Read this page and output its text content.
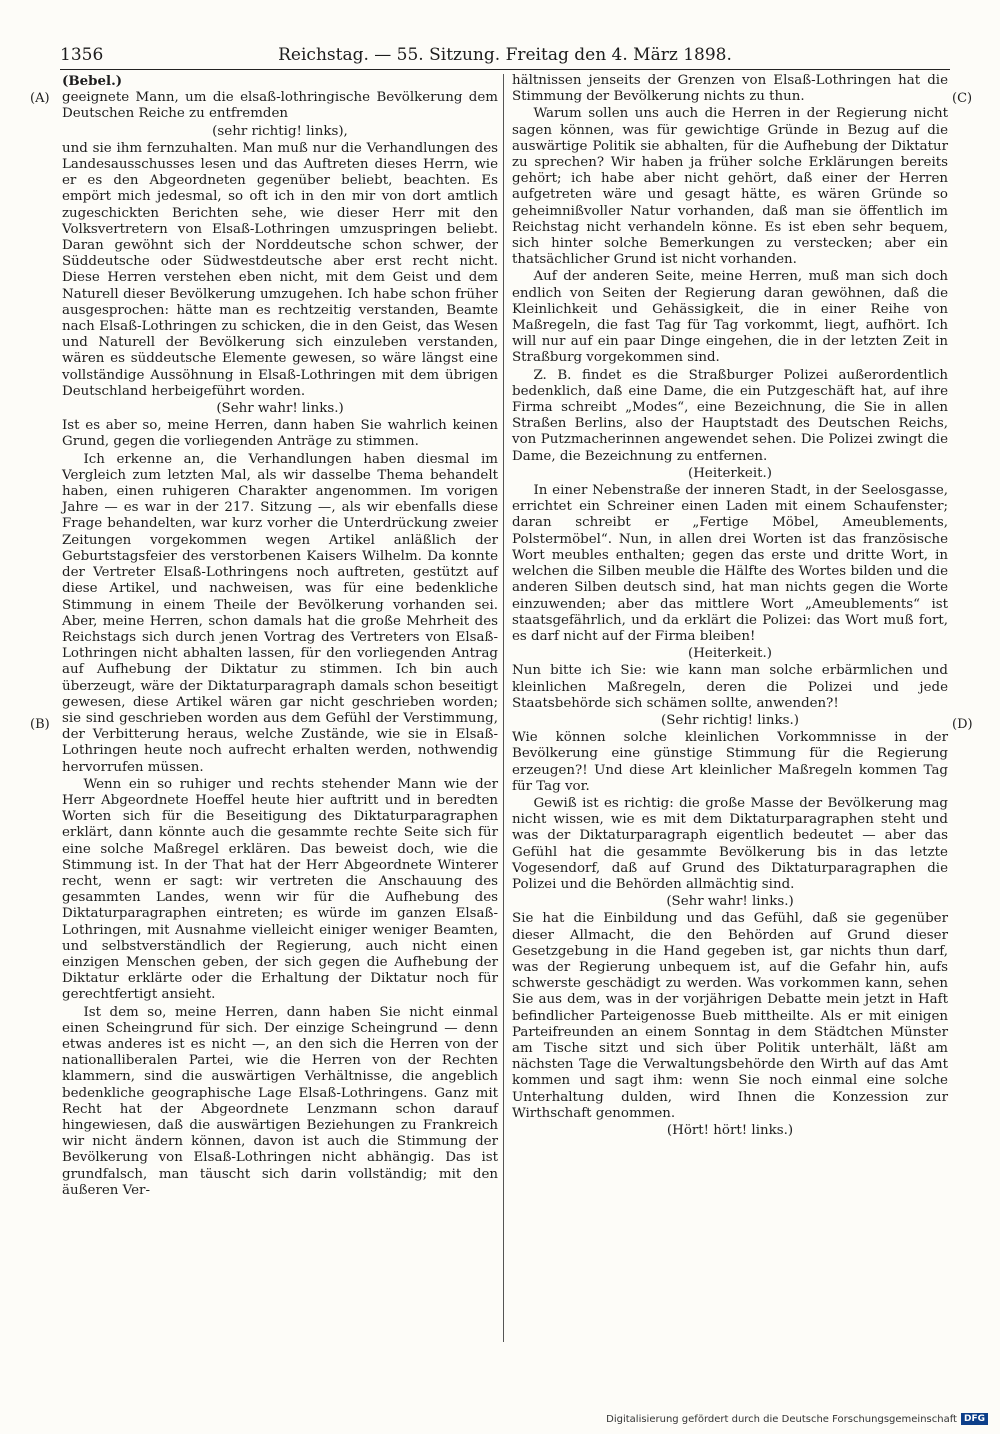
1356	Reichstag. — 55. Sitzung. Freitag den 4. März 1898.
(A)
(B)
(C)
(D)

(Bebel.)

geeignete Mann, um die elsaß-lothringische Bevölkerung dem Deutschen Reiche zu entfremden

(sehr richtig! links),

und sie ihm fernzuhalten. Man muß nur die Verhandlungen des Landesausschusses lesen und das Auftreten dieses Herrn, wie er es den Abgeordneten gegenüber beliebt, beachten. Es empört mich jedesmal, so oft ich in den mir von dort amtlich zugeschickten Berichten sehe, wie dieser Herr mit den Volksvertretern von Elsaß-Lothringen umzuspringen beliebt. Daran gewöhnt sich der Norddeutsche schon schwer, der Süddeutsche oder Südwestdeutsche aber erst recht nicht. Diese Herren verstehen eben nicht, mit dem Geist und dem Naturell dieser Bevölkerung umzugehen. Ich habe schon früher ausgesprochen: hätte man es rechtzeitig verstanden, Beamte nach Elsaß-Lothringen zu schicken, die in den Geist, das Wesen und Naturell der Bevölkerung sich einzuleben verstanden, wären es süddeutsche Elemente gewesen, so wäre längst eine vollständige Aussöhnung in Elsaß-Lothringen mit dem übrigen Deutschland herbeigeführt worden.

(Sehr wahr! links.)

Ist es aber so, meine Herren, dann haben Sie wahrlich keinen Grund, gegen die vorliegenden Anträge zu stimmen.

Ich erkenne an, die Verhandlungen haben diesmal im Vergleich zum letzten Mal, als wir dasselbe Thema behandelt haben, einen ruhigeren Charakter angenommen. Im vorigen Jahre — es war in der 217. Sitzung —, als wir ebenfalls diese Frage behandelten, war kurz vorher die Unterdrückung zweier Zeitungen vorgekommen wegen Artikel anläßlich der Geburtstagsfeier des verstorbenen Kaisers Wilhelm. Da konnte der Vertreter Elsaß-Lothringens noch auftreten, gestützt auf diese Artikel, und nachweisen, was für eine bedenkliche Stimmung in einem Theile der Bevölkerung vorhanden sei. Aber, meine Herren, schon damals hat die große Mehrheit des Reichstags sich durch jenen Vortrag des Vertreters von Elsaß-Lothringen nicht abhalten lassen, für den vorliegenden Antrag auf Aufhebung der Diktatur zu stimmen. Ich bin auch überzeugt, wäre der Diktaturparagraph damals schon beseitigt gewesen, diese Artikel wären gar nicht geschrieben worden; sie sind geschrieben worden aus dem Gefühl der Verstimmung, der Verbitterung heraus, welche Zustände, wie sie in Elsaß-Lothringen heute noch aufrecht erhalten werden, nothwendig hervorrufen müssen.

Wenn ein so ruhiger und rechts stehender Mann wie der Herr Abgeordnete Hoeffel heute hier auftritt und in beredten Worten sich für die Beseitigung des Diktaturparagraphen erklärt, dann könnte auch die gesammte rechte Seite sich für eine solche Maßregel erklären. Das beweist doch, wie die Stimmung ist. In der That hat der Herr Abgeordnete Winterer recht, wenn er sagt: wir vertreten die Anschauung des gesammten Landes, wenn wir für die Aufhebung des Diktaturparagraphen eintreten; es würde im ganzen Elsaß-Lothringen, mit Ausnahme vielleicht einiger weniger Beamten, und selbstverständlich der Regierung, auch nicht einen einzigen Menschen geben, der sich gegen die Aufhebung der Diktatur erklärte oder die Erhaltung der Diktatur noch für gerechtfertigt ansieht.

Ist dem so, meine Herren, dann haben Sie nicht einmal einen Scheingrund für sich. Der einzige Scheingrund — denn etwas anderes ist es nicht —, an den sich die Herren von der nationalliberalen Partei, wie die Herren von der Rechten klammern, sind die auswärtigen Verhältnisse, die angeblich bedenkliche geographische Lage Elsaß-Lothringens. Ganz mit Recht hat der Abgeordnete Lenzmann schon darauf hingewiesen, daß die auswärtigen Beziehungen zu Frankreich wir nicht ändern können, davon ist auch die Stimmung der Bevölkerung von Elsaß-Lothringen nicht abhängig. Das ist grundfalsch, man täuscht sich darin vollständig; mit den äußeren Ver-

hältnissen jenseits der Grenzen von Elsaß-Lothringen hat die Stimmung der Bevölkerung nichts zu thun.

Warum sollen uns auch die Herren in der Regierung nicht sagen können, was für gewichtige Gründe in Bezug auf die auswärtige Politik sie abhalten, für die Aufhebung der Diktatur zu sprechen? Wir haben ja früher solche Erklärungen bereits gehört; ich habe aber nicht gehört, daß einer der Herren aufgetreten wäre und gesagt hätte, es wären Gründe so geheimnißvoller Natur vorhanden, daß man sie öffentlich im Reichstag nicht verhandeln könne. Es ist eben sehr bequem, sich hinter solche Bemerkungen zu verstecken; aber ein thatsächlicher Grund ist nicht vorhanden.

Auf der anderen Seite, meine Herren, muß man sich doch endlich von Seiten der Regierung daran gewöhnen, daß die Kleinlichkeit und Gehässigkeit, die in einer Reihe von Maßregeln, die fast Tag für Tag vorkommt, liegt, aufhört. Ich will nur auf ein paar Dinge eingehen, die in der letzten Zeit in Straßburg vorgekommen sind.

Z. B. findet es die Straßburger Polizei außerordentlich bedenklich, daß eine Dame, die ein Putzgeschäft hat, auf ihre Firma schreibt „Modes“, eine Bezeichnung, die Sie in allen Straßen Berlins, also der Hauptstadt des Deutschen Reichs, von Putzmacherinnen angewendet sehen. Die Polizei zwingt die Dame, die Bezeichnung zu entfernen.

(Heiterkeit.)

In einer Nebenstraße der inneren Stadt, in der Seelosgasse, errichtet ein Schreiner einen Laden mit einem Schaufenster; daran schreibt er „Fertige Möbel, Ameublements, Polstermöbel“. Nun, in allen drei Worten ist das französische Wort meubles enthalten; gegen das erste und dritte Wort, in welchen die Silben meuble die Hälfte des Wortes bilden und die anderen Silben deutsch sind, hat man nichts gegen die Worte einzuwenden; aber das mittlere Wort „Ameublements“ ist staatsgefährlich, und da erklärt die Polizei: das Wort muß fort, es darf nicht auf der Firma bleiben!

(Heiterkeit.)

Nun bitte ich Sie: wie kann man solche erbärmlichen und kleinlichen Maßregeln, deren die Polizei und jede Staatsbehörde sich schämen sollte, anwenden?!

(Sehr richtig! links.)

Wie können solche kleinlichen Vorkommnisse in der Bevölkerung eine günstige Stimmung für die Regierung erzeugen?! Und diese Art kleinlicher Maßregeln kommen Tag für Tag vor.

Gewiß ist es richtig: die große Masse der Bevölkerung mag nicht wissen, wie es mit dem Diktaturparagraphen steht und was der Diktaturparagraph eigentlich bedeutet — aber das Gefühl hat die gesammte Bevölkerung bis in das letzte Vogesendorf, daß auf Grund des Diktaturparagraphen die Polizei und die Behörden allmächtig sind.

(Sehr wahr! links.)

Sie hat die Einbildung und das Gefühl, daß sie gegenüber dieser Allmacht, die den Behörden auf Grund dieser Gesetzgebung in die Hand gegeben ist, gar nichts thun darf, was der Regierung unbequem ist, auf die Gefahr hin, aufs schwerste geschädigt zu werden. Was vorkommen kann, sehen Sie aus dem, was in der vorjährigen Debatte mein jetzt in Haft befindlicher Parteigenosse Bueb mittheilte. Als er mit einigen Parteifreunden an einem Sonntag in dem Städtchen Münster am Tische sitzt und sich über Politik unterhält, läßt am nächsten Tage die Verwaltungsbehörde den Wirth auf das Amt kommen und sagt ihm: wenn Sie noch einmal eine solche Unterhaltung dulden, wird Ihnen die Konzession zur Wirthschaft genommen.

(Hört! hört! links.)

Digitalisierung gefördert durch die Deutsche Forschungsgemeinschaft DFG
